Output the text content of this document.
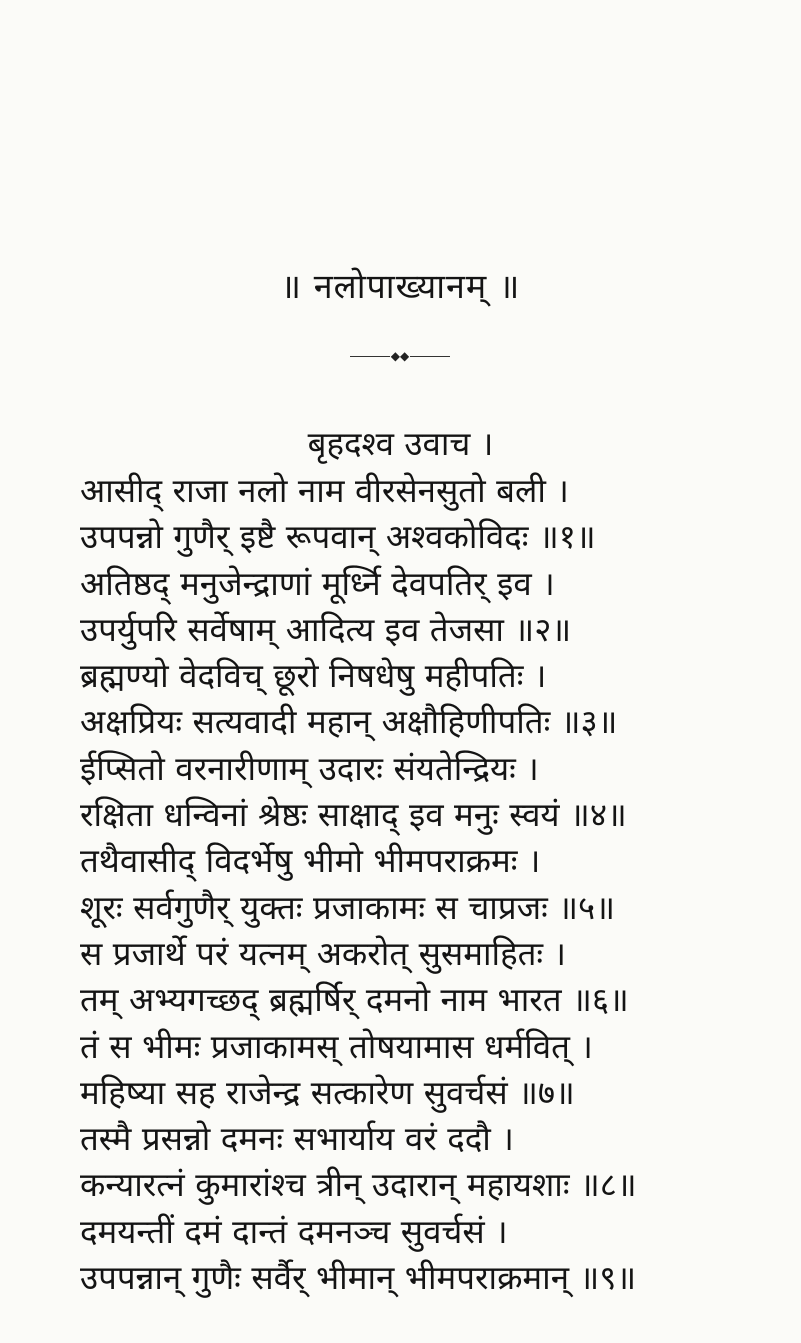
॥ नलोपाख्यानम् ॥
◆◆
बृहदश्व उवाच ।
आसीद् राजा नलो नाम वीरसेनसुतो बली ।
उपपन्नो गुणैर् इष्टै रूपवान् अश्वकोविदः ॥१॥
अतिष्ठद् मनुजेन्द्राणां मूर्ध्नि देवपतिर् इव ।
उपर्युपरि सर्वेषाम् आदित्य इव तेजसा ॥२॥
ब्रह्मण्यो वेदविच् छूरो निषधेषु महीपतिः ।
अक्षप्रियः सत्यवादी महान् अक्षौहिणीपतिः ॥३॥
ईप्सितो वरनारीणाम् उदारः संयतेन्द्रियः ।
रक्षिता धन्विनां श्रेष्ठः साक्षाद् इव मनुः स्वयं ॥४॥
तथैवासीद् विदर्भेषु भीमो भीमपराक्रमः ।
शूरः सर्वगुणैर् युक्तः प्रजाकामः स चाप्रजः ॥५॥
स प्रजार्थे परं यत्नम् अकरोत् सुसमाहितः ।
तम् अभ्यगच्छद् ब्रह्मर्षिर् दमनो नाम भारत ॥६॥
तं स भीमः प्रजाकामस् तोषयामास धर्मवित् ।
महिष्या सह राजेन्द्र सत्कारेण सुवर्चसं ॥७॥
तस्मै प्रसन्नो दमनः सभार्याय वरं ददौ ।
कन्यारत्नं कुमारांश्च त्रीन् उदारान् महायशाः ॥८॥
दमयन्तीं दमं दान्तं दमनञ्च सुवर्चसं ।
उपपन्नान् गुणैः सर्वैर् भीमान् भीमपराक्रमान् ॥९॥
